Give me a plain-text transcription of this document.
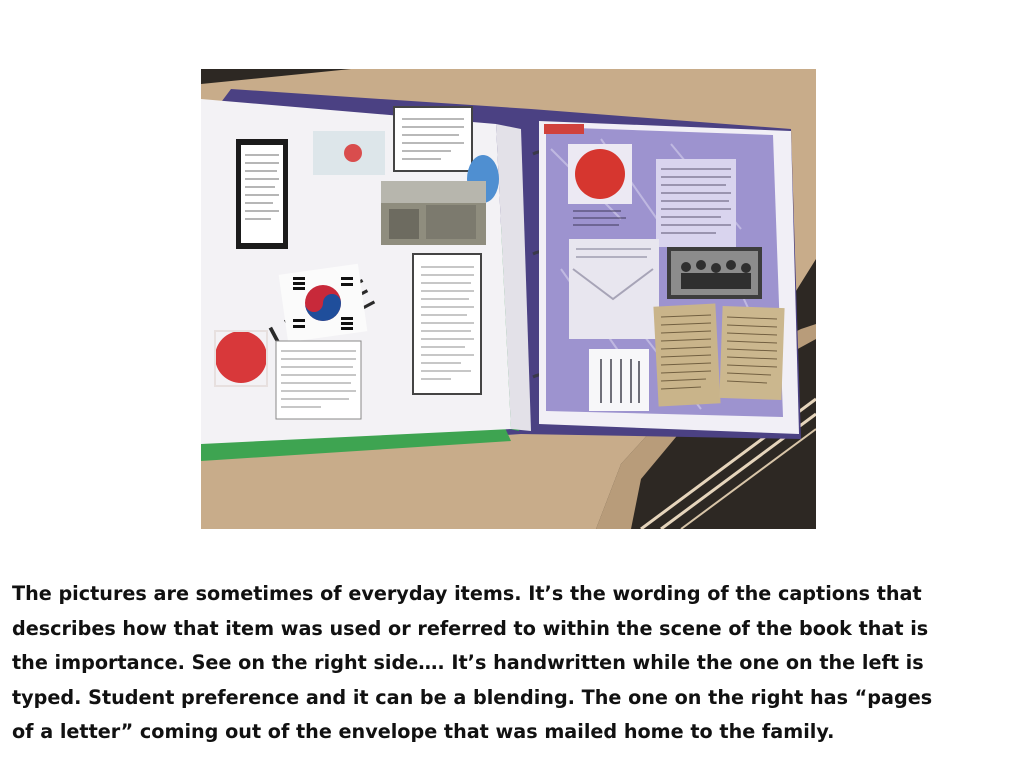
U

The pictures are sometimes of everyday items. It’s the wording of the captions that
describes how that item was used or referred to within the scene of the book that is
the importance. See on the right side…. It’s handwritten while the one on the left is
typed. Student preference and it can be a blending. The one on the right has “pages
of a letter” coming out of the envelope that was mailed home to the family.
